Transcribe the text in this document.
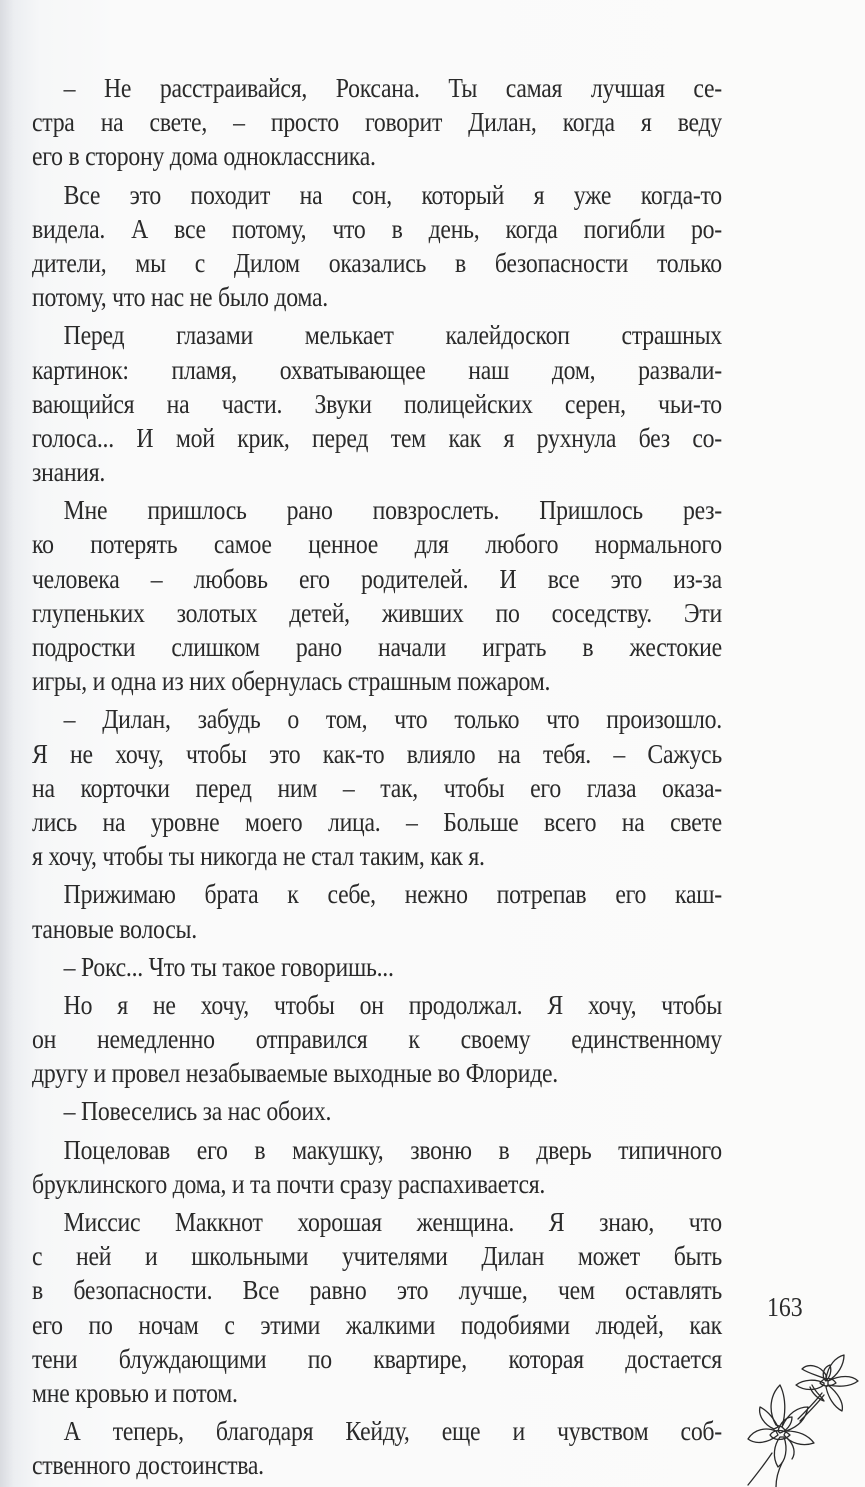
– Не расстраивайся, Роксана. Ты самая лучшая се-
стра на свете, – просто говорит Дилан, когда я веду
его в сторону дома одноклассника.
Все это походит на сон, который я уже когда-то
видела. А все потому, что в день, когда погибли ро-
дители, мы с Дилом оказались в безопасности только
потому, что нас не было дома.
Перед глазами мелькает калейдоскоп страшных
картинок: пламя, охватывающее наш дом, развали-
вающийся на части. Звуки полицейских серен, чьи-то
голоса... И мой крик, перед тем как я рухнула без со-
знания.
Мне пришлось рано повзрослеть. Пришлось рез-
ко потерять самое ценное для любого нормального
человека – любовь его родителей. И все это из-за
глупеньких золотых детей, живших по соседству. Эти
подростки слишком рано начали играть в жестокие
игры, и одна из них обернулась страшным пожаром.
– Дилан, забудь о том, что только что произошло.
Я не хочу, чтобы это как-то влияло на тебя. – Сажусь
на корточки перед ним – так, чтобы его глаза оказа-
лись на уровне моего лица. – Больше всего на свете
я хочу, чтобы ты никогда не стал таким, как я.
Прижимаю брата к себе, нежно потрепав его каш-
тановые волосы.
– Рокс... Что ты такое говоришь...
Но я не хочу, чтобы он продолжал. Я хочу, чтобы
он немедленно отправился к своему единственному
другу и провел незабываемые выходные во Флориде.
– Повеселись за нас обоих.
Поцеловав его в макушку, звоню в дверь типичного
бруклинского дома, и та почти сразу распахивается.
Миссис Маккнот хорошая женщина. Я знаю, что
с ней и школьными учителями Дилан может быть
в безопасности. Все равно это лучше, чем оставлять
его по ночам с этими жалкими подобиями людей, как
тени блуждающими по квартире, которая достается
мне кровью и потом.
А теперь, благодаря Кейду, еще и чувством соб-
ственного достоинства.
163
